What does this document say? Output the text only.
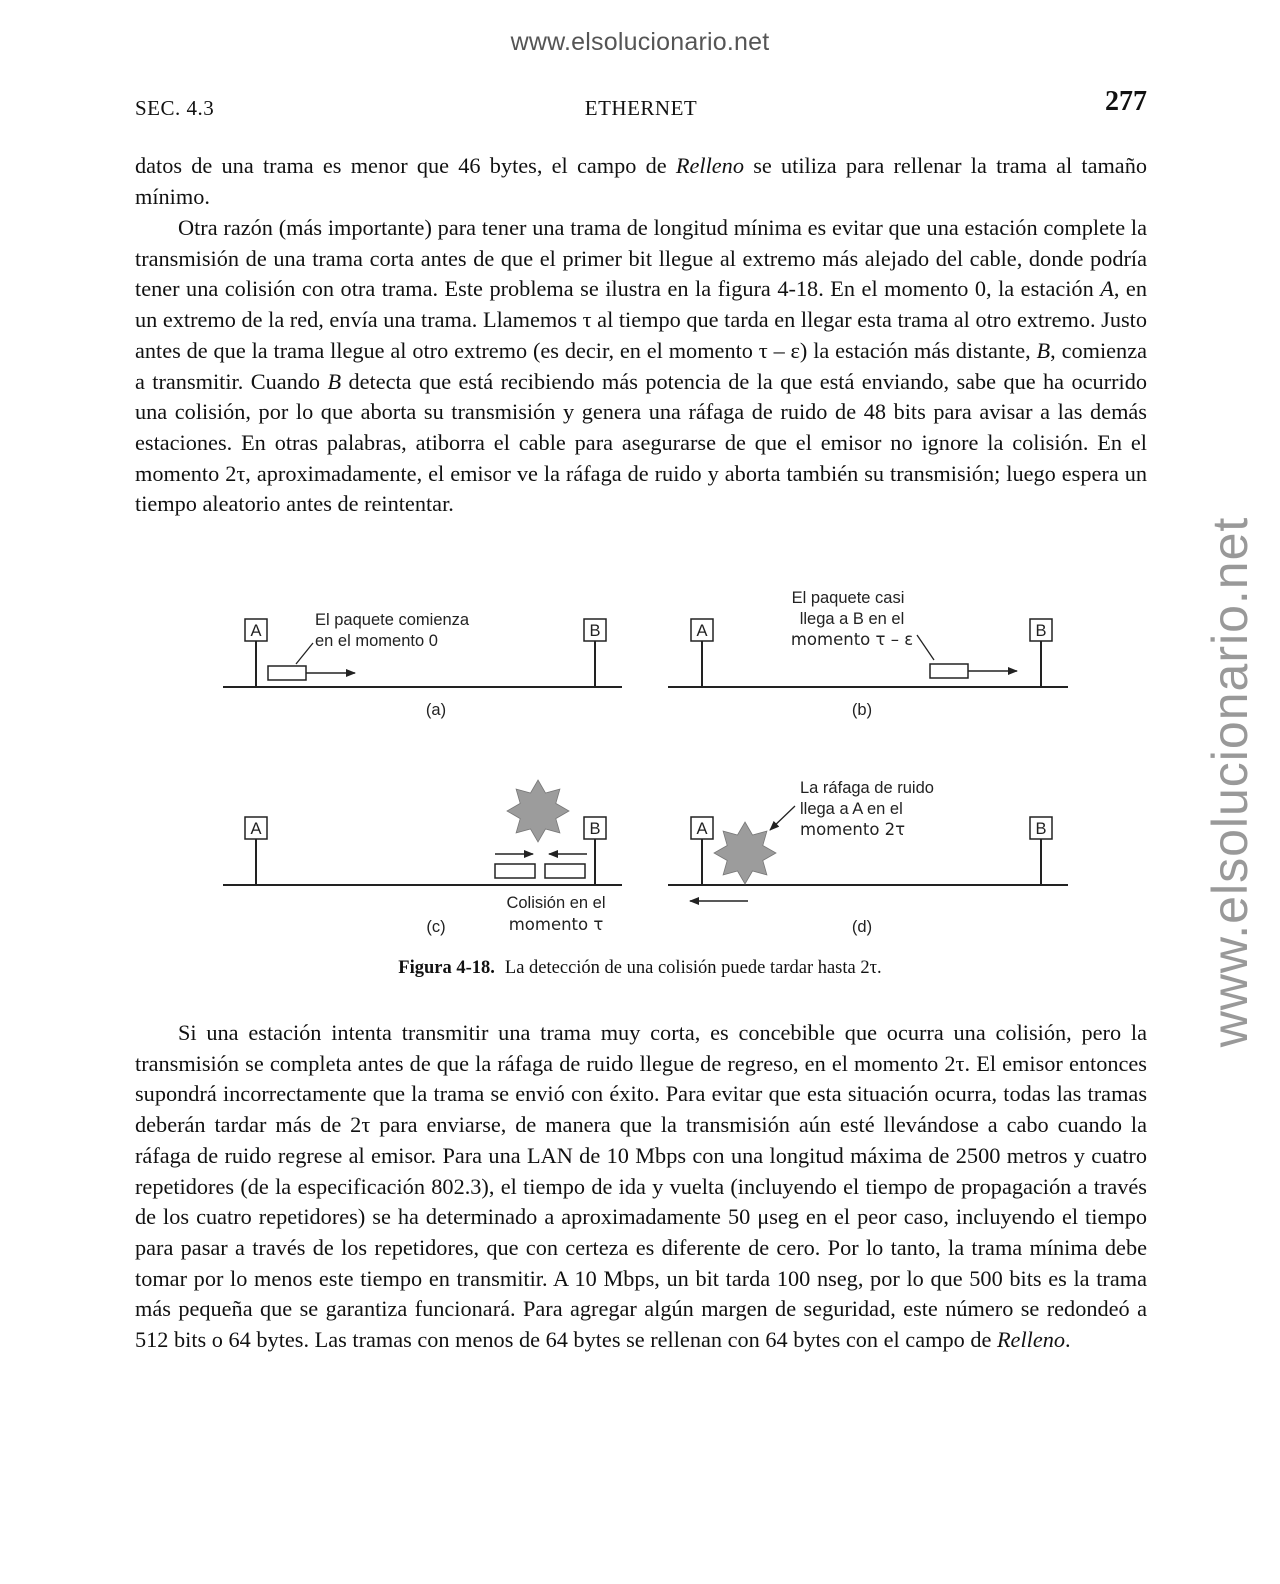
www.elsolucionario.net
www.elsolucionario.net
SEC. 4.3	ETHERNET	277

datos de una trama es menor que 46 bytes, el campo de Relleno se utiliza para rellenar la trama al tamaño mínimo.

Otra razón (más importante) para tener una trama de longitud mínima es evitar que una estación complete la transmisión de una trama corta antes de que el primer bit llegue al extremo más alejado del cable, donde podría tener una colisión con otra trama. Este problema se ilustra en la figura 4-18. En el momento 0, la estación A, en un extremo de la red, envía una trama. Llamemos τ al tiempo que tarda en llegar esta trama al otro extremo. Justo antes de que la trama llegue al otro extremo (es decir, en el momento τ – ε) la estación más distante, B, comienza a transmitir. Cuando B detecta que está recibiendo más potencia de la que está enviando, sabe que ha ocurrido una colisión, por lo que aborta su transmisión y genera una ráfaga de ruido de 48 bits para avisar a las demás estaciones. En otras palabras, atiborra el cable para asegurarse de que el emisor no ignore la colisión. En el momento 2τ, aproximadamente, el emisor ve la ráfaga de ruido y aborta también su transmisión; luego espera un tiempo aleatorio antes de reintentar.

A	B
El paquete comienza
en el momento 0
(a)
A	B
El paquete casi
llega a B en el
momento τ – ε
(b)
A	B
Colisión en el
momento τ
(c)
A	B
La ráfaga de ruido
llega a A en el
momento 2τ
(d)
Figura 4-18. La detección de una colisión puede tardar hasta 2τ.

Si una estación intenta transmitir una trama muy corta, es concebible que ocurra una colisión, pero la transmisión se completa antes de que la ráfaga de ruido llegue de regreso, en el momento 2τ. El emisor entonces supondrá incorrectamente que la trama se envió con éxito. Para evitar que esta situación ocurra, todas las tramas deberán tardar más de 2τ para enviarse, de manera que la transmisión aún esté llevándose a cabo cuando la ráfaga de ruido regrese al emisor. Para una LAN de 10 Mbps con una longitud máxima de 2500 metros y cuatro repetidores (de la especificación 802.3), el tiempo de ida y vuelta (incluyendo el tiempo de propagación a través de los cuatro repetidores) se ha determinado a aproximadamente 50 μseg en el peor caso, incluyendo el tiempo para pasar a través de los repetidores, que con certeza es diferente de cero. Por lo tanto, la trama mínima debe tomar por lo menos este tiempo en transmitir. A 10 Mbps, un bit tarda 100 nseg, por lo que 500 bits es la trama más pequeña que se garantiza funcionará. Para agregar algún margen de seguridad, este número se redondeó a 512 bits o 64 bytes. Las tramas con menos de 64 bytes se rellenan con 64 bytes con el campo de Relleno.
